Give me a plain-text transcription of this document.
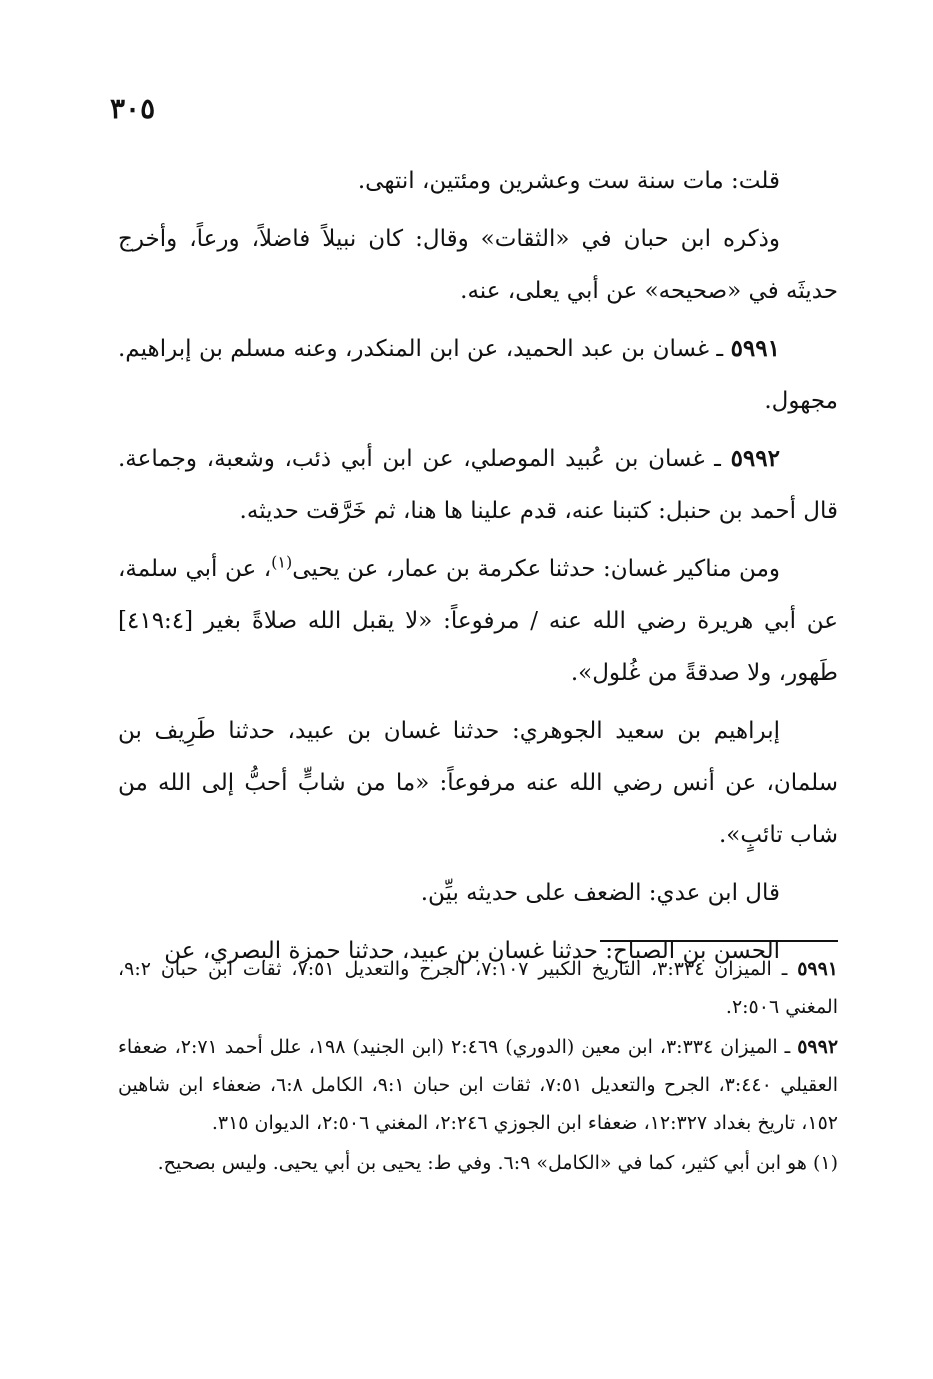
٣٠٥

قلت: مات سنة ست وعشرين ومئتين، انتهى.

وذكره ابن حبان في «الثقات» وقال: كان نبيلاً فاضلاً، ورعاً، وأخرج حديثَه في «صحيحه» عن أبي يعلى، عنه.

٥٩٩١ ـ غسان بن عبد الحميد، عن ابن المنكدر، وعنه مسلم بن إبراهيم. مجهول.

٥٩٩٢ ـ غسان بن عُبيد الموصلي، عن ابن أبي ذئب، وشعبة، وجماعة. قال أحمد بن حنبل: كتبنا عنه، قدم علينا ها هنا، ثم خَرَّقت حديثه.

ومن مناكير غسان: حدثنا عكرمة بن عمار، عن يحيى$^{(١)}$، عن أبي سلمة، عن أبي هريرة رضي الله عنه / مرفوعاً: «لا يقبل الله صلاةً بغير [٤١٩:٤] طَهور، ولا صدقةً من غُلول».

إبراهيم بن سعيد الجوهري: حدثنا غسان بن عبيد، حدثنا طَرِيف بن سلمان، عن أنس رضي الله عنه مرفوعاً: «ما من شابٍّ أحبُّ إلى الله من شاب تائبٍ».

قال ابن عدي: الضعف على حديثه بيِّن.

الحسن بن الصباح: حدثنا غسان بن عبيد، حدثنا حمزة البصري، عن

٥٩٩١ ـ الميزان ٣:٣٣٤، التاريخ الكبير ٧:١٠٧، الجرح والتعديل ٧:٥١، ثقات ابن حبان ٩:٢، المغني ٢:٥٠٦.

٥٩٩٢ ـ الميزان ٣:٣٣٤، ابن معين (الدوري) ٢:٤٦٩ (ابن الجنيد) ١٩٨، علل أحمد ٢:٧١، ضعفاء العقيلي ٣:٤٤٠، الجرح والتعديل ٧:٥١، ثقات ابن حبان ٩:١، الكامل ٦:٨، ضعفاء ابن شاهين ١٥٢، تاريخ بغداد ١٢:٣٢٧، ضعفاء ابن الجوزي ٢:٢٤٦، المغني ٢:٥٠٦، الديوان ٣١٥.

(١) هو ابن أبي كثير، كما في «الكامل» ٦:٩. وفي ط: يحيى بن أبي يحيى. وليس بصحيح.
